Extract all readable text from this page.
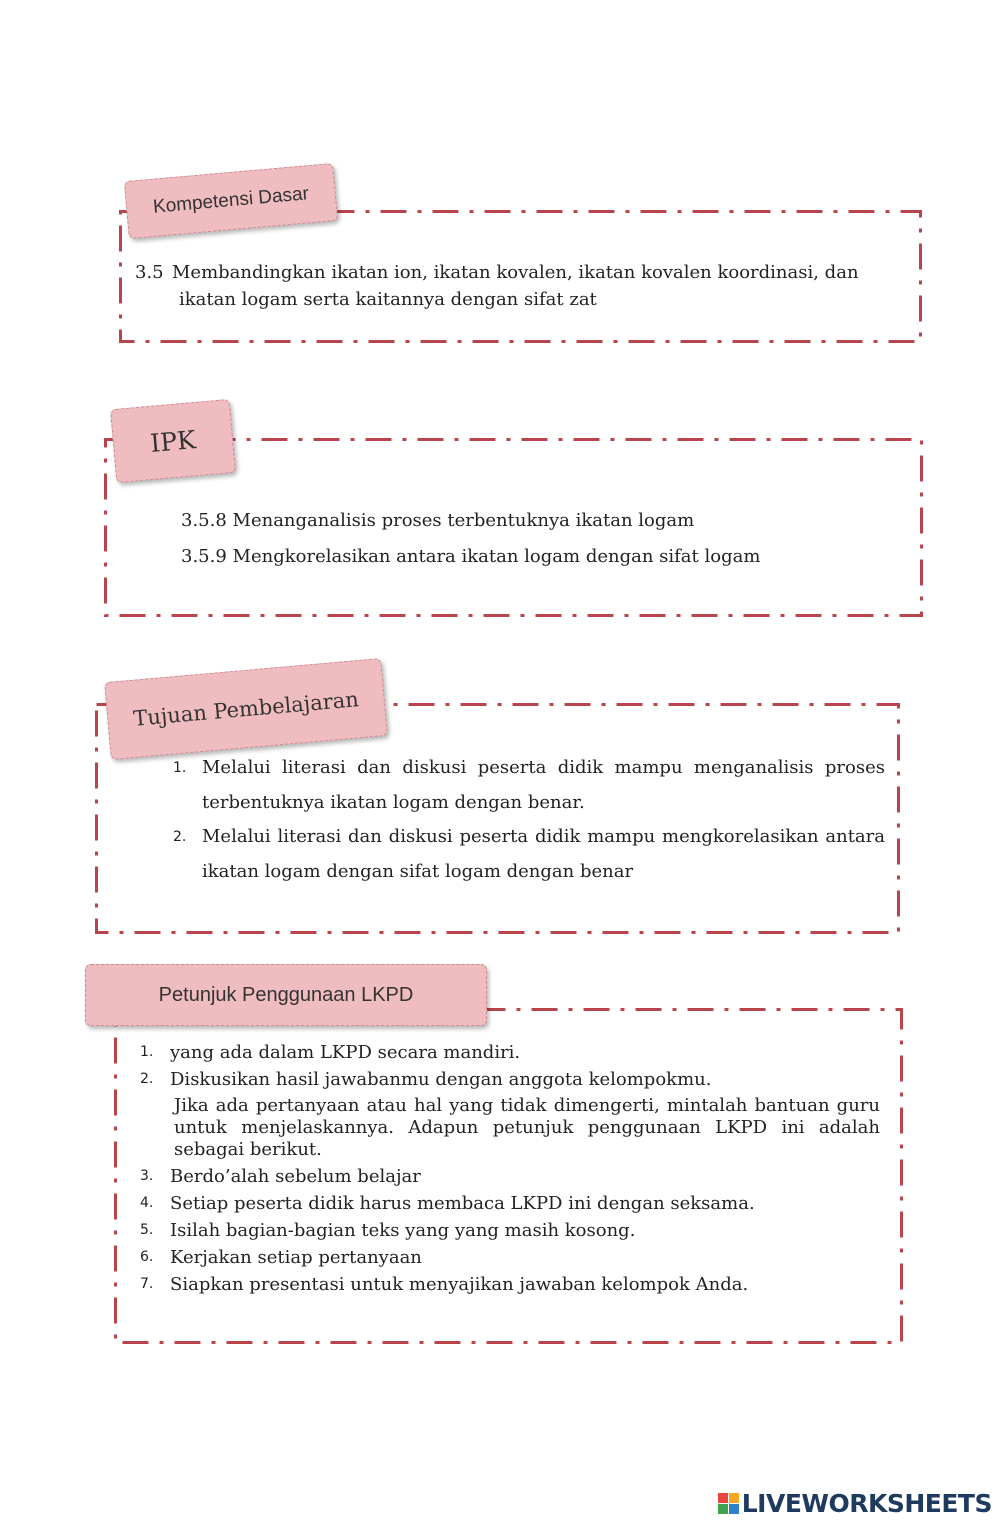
Kompetensi Dasar
3.5 Membandingkan ikatan ion, ikatan kovalen, ikatan kovalen koordinasi, dan
ikatan logam serta kaitannya dengan sifat zat
IPK
3.5.8 Menanganalisis proses terbentuknya ikatan logam
3.5.9 Mengkorelasikan antara ikatan logam dengan sifat logam
Tujuan Pembelajaran
1. Melalui literasi dan diskusi peserta didik mampu menganalisis proses terbentuknya ikatan logam dengan benar.
2. Melalui literasi dan diskusi peserta didik mampu mengkorelasikan antara ikatan logam dengan sifat logam dengan benar
Petunjuk Penggunaan LKPD
1. yang ada dalam LKPD secara mandiri.
2. Diskusikan hasil jawabanmu dengan anggota kelompokmu.
Jika ada pertanyaan atau hal yang tidak dimengerti, mintalah bantuan guru untuk menjelaskannya. Adapun petunjuk penggunaan LKPD ini adalah sebagai berikut.
3. Berdo’alah sebelum belajar
4. Setiap peserta didik harus membaca LKPD ini dengan seksama.
5. Isilah bagian-bagian teks yang yang masih kosong.
6. Kerjakan setiap pertanyaan
7. Siapkan presentasi untuk menyajikan jawaban kelompok Anda.
LIVEWORKSHEETS
